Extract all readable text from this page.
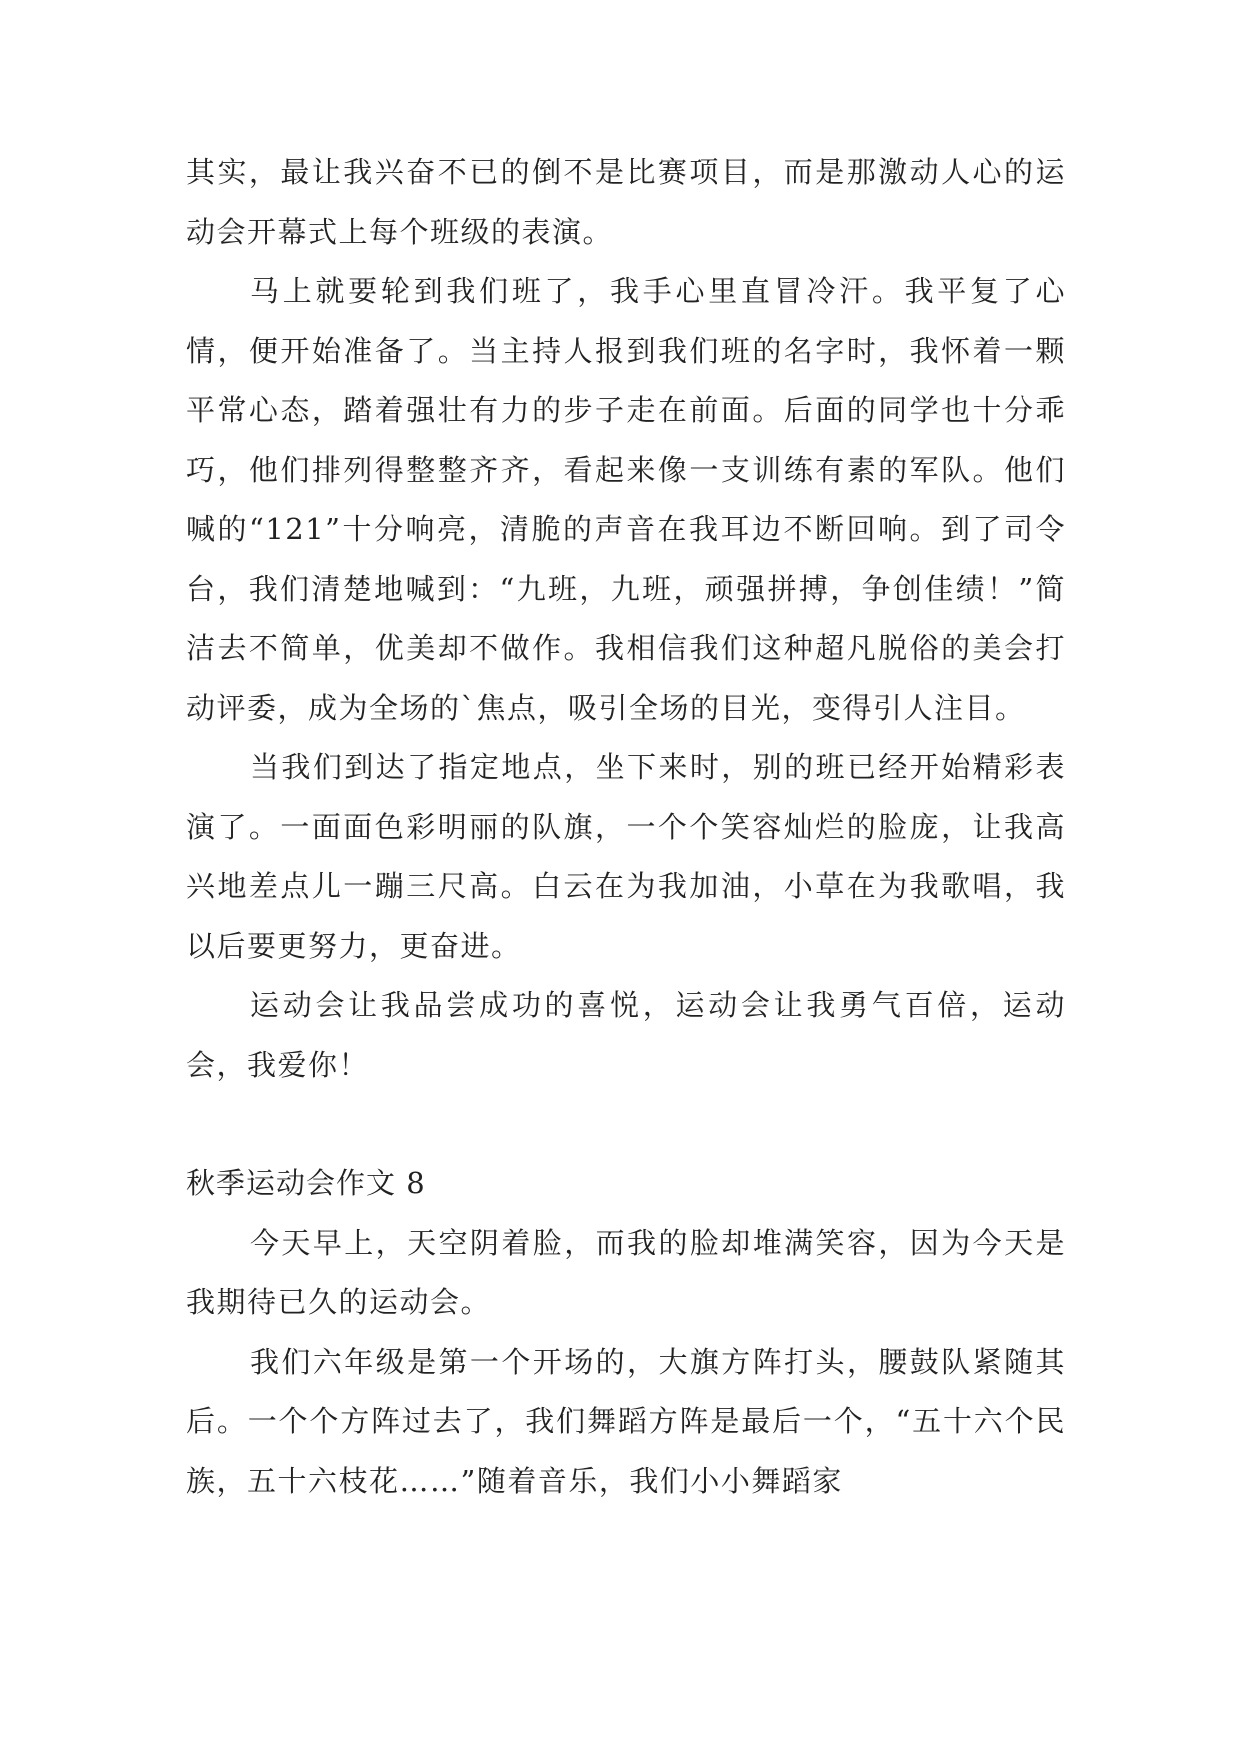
其实，最让我兴奋不已的倒不是比赛项目，而是那激动人心的运动会开幕式上每个班级的表演。

马上就要轮到我们班了，我手心里直冒冷汗。我平复了心情，便开始准备了。当主持人报到我们班的名字时，我怀着一颗平常心态，踏着强壮有力的步子走在前面。后面的同学也十分乖巧，他们排列得整整齐齐，看起来像一支训练有素的军队。他们喊的“121”十分响亮，清脆的声音在我耳边不断回响。到了司令台，我们清楚地喊到：“九班，九班，顽强拼搏，争创佳绩！”简洁去不简单，优美却不做作。我相信我们这种超凡脱俗的美会打动评委，成为全场的`焦点，吸引全场的目光，变得引人注目。

当我们到达了指定地点，坐下来时，别的班已经开始精彩表演了。一面面色彩明丽的队旗，一个个笑容灿烂的脸庞，让我高兴地差点儿一蹦三尺高。白云在为我加油，小草在为我歌唱，我以后要更努力，更奋进。

运动会让我品尝成功的喜悦，运动会让我勇气百倍，运动会，我爱你！

秋季运动会作文 8

今天早上，天空阴着脸，而我的脸却堆满笑容，因为今天是我期待已久的运动会。

我们六年级是第一个开场的，大旗方阵打头，腰鼓队紧随其后。一个个方阵过去了，我们舞蹈方阵是最后一个，“五十六个民族，五十六枝花……”随着音乐，我们小小舞蹈家
